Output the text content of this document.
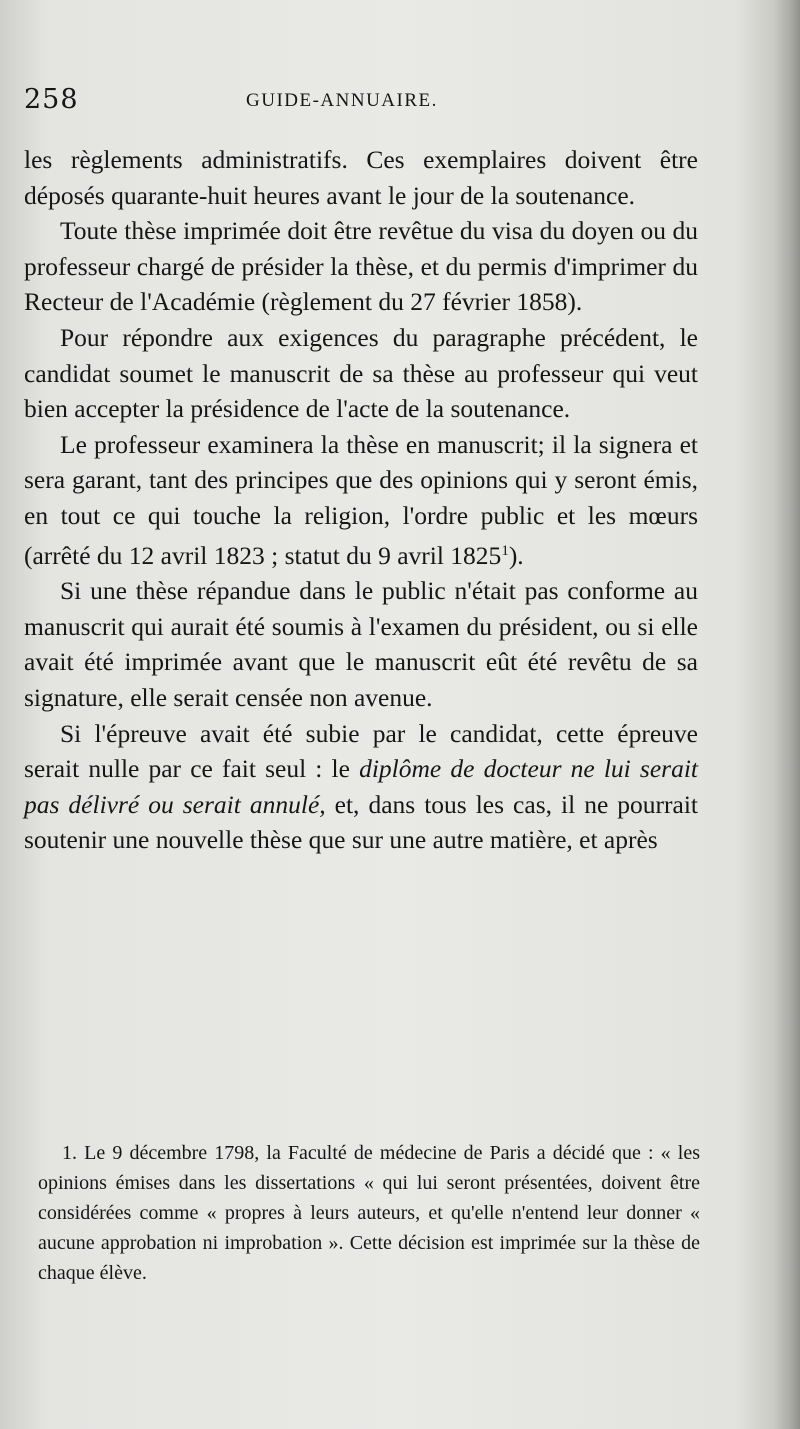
258	GUIDE-ANNUAIRE.

les règlements administratifs. Ces exemplaires doivent être déposés quarante-huit heures avant le jour de la soutenance.

Toute thèse imprimée doit être revêtue du visa du doyen ou du professeur chargé de présider la thèse, et du permis d'imprimer du Recteur de l'Académie (règlement du 27 février 1858).

Pour répondre aux exigences du paragraphe précédent, le candidat soumet le manuscrit de sa thèse au professeur qui veut bien accepter la présidence de l'acte de la soutenance.

Le professeur examinera la thèse en manuscrit; il la signera et sera garant, tant des principes que des opinions qui y seront émis, en tout ce qui touche la religion, l'ordre public et les mœurs (arrêté du 12 avril 1823 ; statut du 9 avril 1825$^1$).

Si une thèse répandue dans le public n'était pas conforme au manuscrit qui aurait été soumis à l'examen du président, ou si elle avait été imprimée avant que le manuscrit eût été revêtu de sa signature, elle serait censée non avenue.

Si l'épreuve avait été subie par le candidat, cette épreuve serait nulle par ce fait seul : le diplôme de docteur ne lui serait pas délivré ou serait annulé, et, dans tous les cas, il ne pourrait soutenir une nouvelle thèse que sur une autre matière, et après

1. Le 9 décembre 1798, la Faculté de médecine de Paris a décidé que : « les opinions émises dans les dissertations « qui lui seront présentées, doivent être considérées comme « propres à leurs auteurs, et qu'elle n'entend leur donner « aucune approbation ni improbation ». Cette décision est imprimée sur la thèse de chaque élève.
